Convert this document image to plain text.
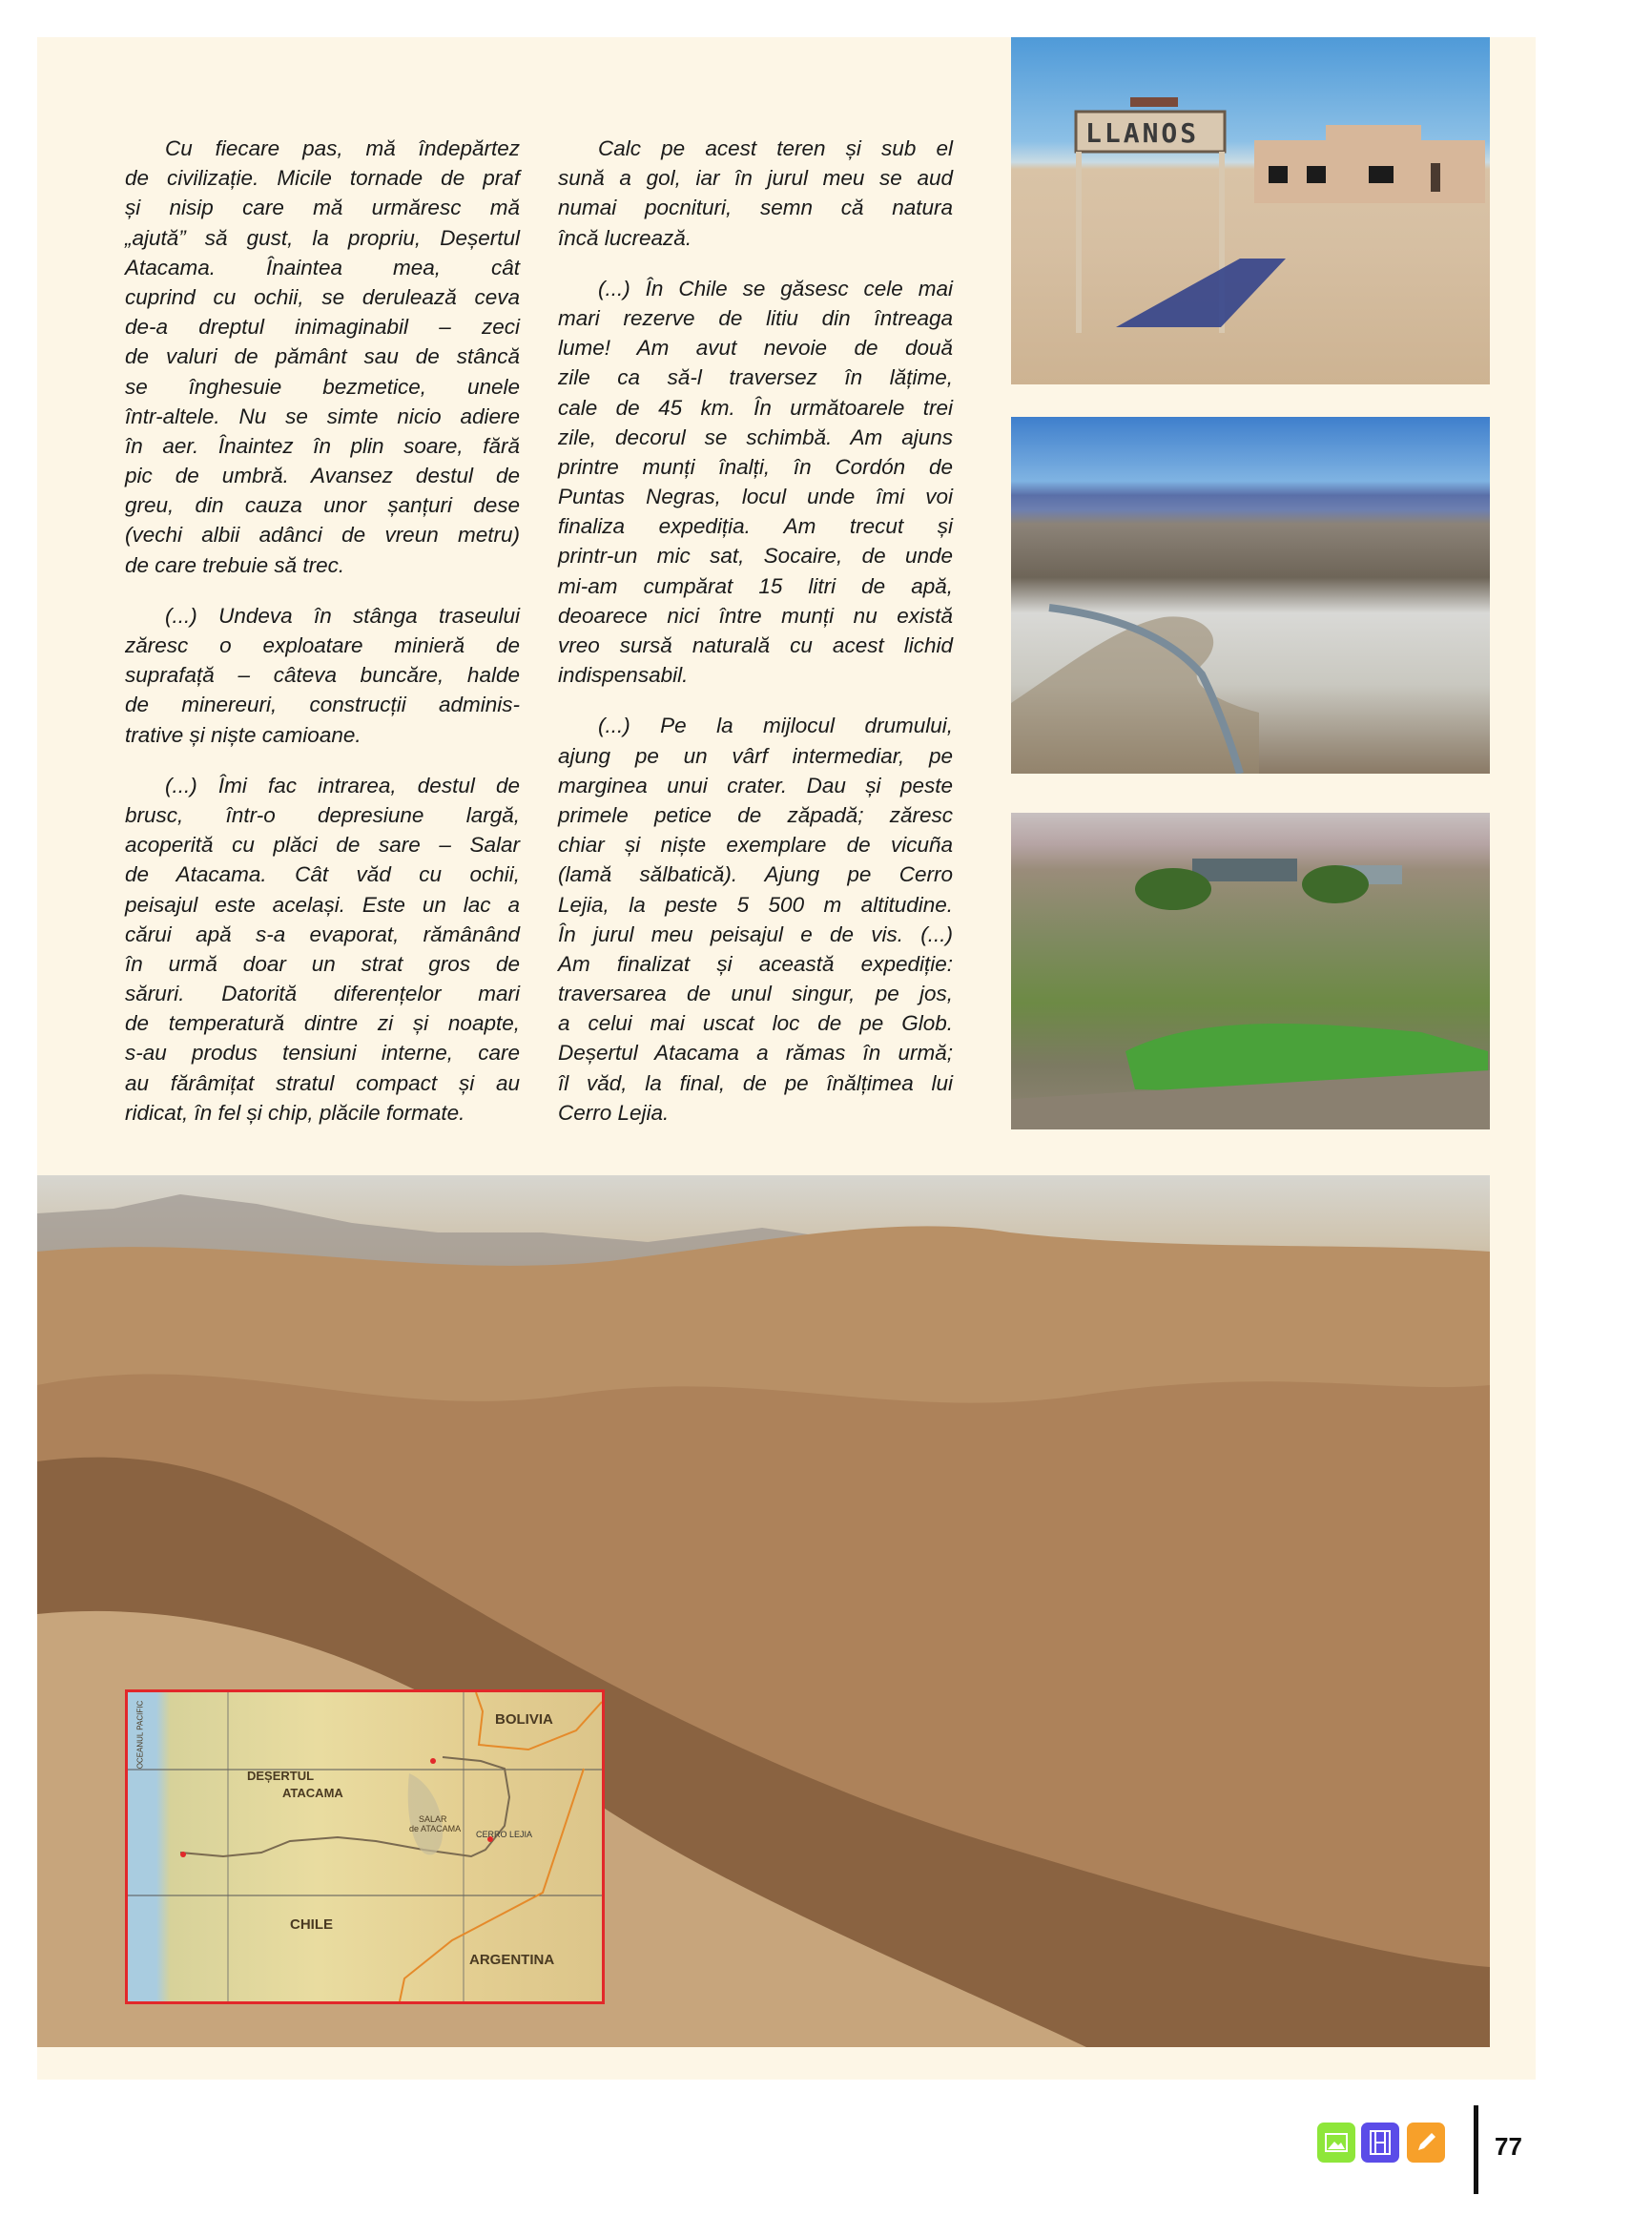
Cu fiecare pas, mă îndepărtez
de civilizație. Micile tornade de praf
și nisip care mă urmăresc mă
„ajută” să gust, la propriu, Deșertul
Atacama. Înaintea mea, cât
cuprind cu ochii, se derulează ceva
de-a dreptul inimaginabil – zeci
de valuri de pământ sau de stâncă
se înghesuie bezmetice, unele
într-altele. Nu se simte nicio adiere
în aer. Înaintez în plin soare, fără
pic de umbră. Avansez destul de
greu, din cauza unor șanțuri dese
(vechi albii adânci de vreun metru)
de care trebuie să trec.
(...) Undeva în stânga traseului
zăresc o exploatare minieră de
suprafață – câteva buncăre, halde
de minereuri, construcții adminis-
trative și niște camioane.
(...) Îmi fac intrarea, destul de
brusc, într-o depresiune largă,
acoperită cu plăci de sare – Salar
de Atacama. Cât văd cu ochii,
peisajul este același. Este un lac a
cărui apă s-a evaporat, rămânând
în urmă doar un strat gros de
săruri. Datorită diferențelor mari
de temperatură dintre zi și noapte,
s-au produs tensiuni interne, care
au fărâmițat stratul compact și au
ridicat, în fel și chip, plăcile formate.
Calc pe acest teren și sub el
sună a gol, iar în jurul meu se aud
numai pocnituri, semn că natura
încă lucrează.
(...) În Chile se găsesc cele mai
mari rezerve de litiu din întreaga
lume! Am avut nevoie de două
zile ca să-l traversez în lățime,
cale de 45 km. În următoarele trei
zile, decorul se schimbă. Am ajuns
printre munți înalți, în Cordón de
Puntas Negras, locul unde îmi voi
finaliza expediția. Am trecut și
printr-un mic sat, Socaire, de unde
mi-am cumpărat 15 litri de apă,
deoarece nici între munți nu există
vreo sursă naturală cu acest lichid
indispensabil.
(...) Pe la mijlocul drumului,
ajung pe un vârf intermediar, pe
marginea unui crater. Dau și peste
primele petice de zăpadă; zăresc
chiar și niște exemplare de vicuña
(lamă sălbatică). Ajung pe Cerro
Lejia, la peste 5 500 m altitudine.
În jurul meu peisajul e de vis. (...)
Am finalizat și această expediție:
traversarea de unul singur, pe jos,
a celui mai uscat loc de pe Glob.
Deșertul Atacama a rămas în urmă;
îl văd, la final, de pe înălțimea lui
Cerro Lejia.
LLANOS
OCEANUL PACIFIC
DEȘERTUL
ATACAMA
BOLIVIA
CHILE
ARGENTINA
SALAR
de ATACAMA
CERRO LEJIA
77
